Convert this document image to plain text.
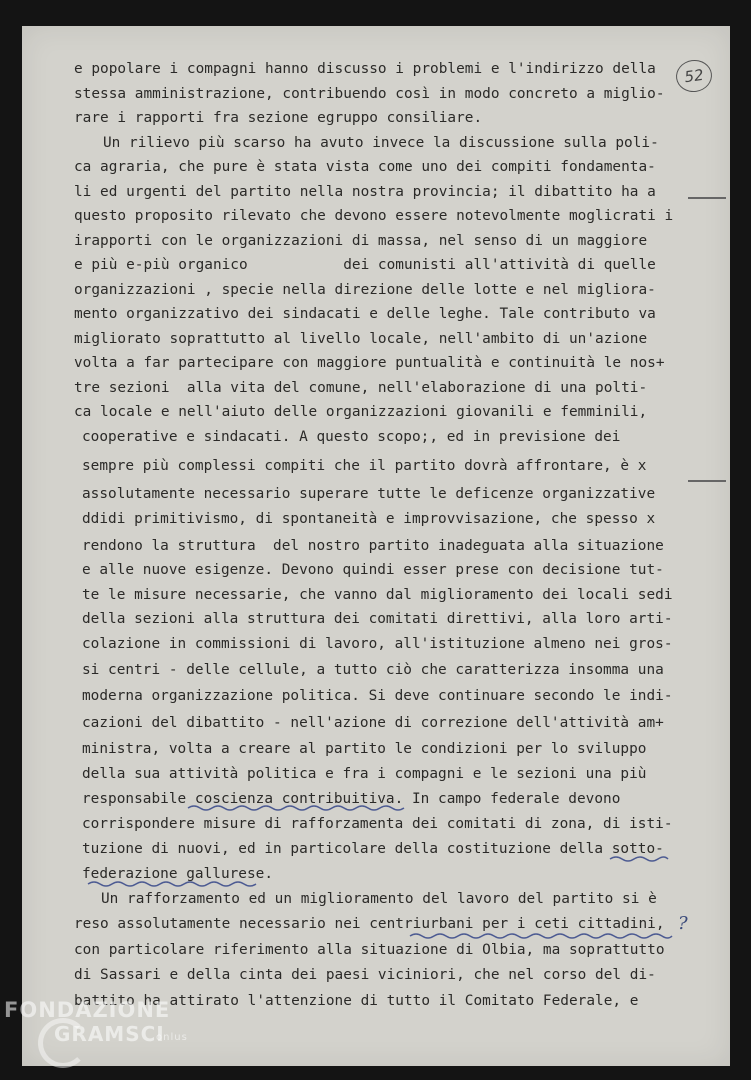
52
e popolare i compagni hanno discusso i problemi e l'indirizzo della
stessa amministrazione, contribuendo così in modo concreto a miglio-
rare i rapporti fra sezione egruppo consiliare.
Un rilievo più scarso ha avuto invece la discussione sulla poli-
ca agraria, che pure è stata vista come uno dei compiti fondamenta-
li ed urgenti del partito nella nostra provincia; il dibattito ha a
questo proposito rilevato che devono essere notevolmente moglicrati i
irapporti con le organizzazioni di massa, nel senso di un maggiore
e più e-più organico           dei comunisti all'attività di quelle
organizzazioni , specie nella direzione delle lotte e nel migliora-
mento organizzativo dei sindacati e delle leghe. Tale contributo va
migliorato soprattutto al livello locale, nell'ambito di un'azione
volta a far partecipare con maggiore puntualità e continuità le nos+
tre sezioni  alla vita del comune, nell'elaborazione di una polti-
ca locale e nell'aiuto delle organizzazioni giovanili e femminili,
cooperative e sindacati. A questo scopo;, ed in previsione dei
sempre più complessi compiti che il partito dovrà affrontare, è x
assolutamente necessario superare tutte le deficenze organizzative
ddidi primitivismo, di spontaneità e improvvisazione, che spesso x
rendono la struttura  del nostro partito inadeguata alla situazione
e alle nuove esigenze. Devono quindi esser prese con decisione tut-
te le misure necessarie, che vanno dal miglioramento dei locali sedi
della sezioni alla struttura dei comitati direttivi, alla loro arti-
colazione in commissioni di lavoro, all'istituzione almeno nei gros-
si centri - delle cellule, a tutto ciò che caratterizza insomma una
moderna organizzazione politica. Si deve continuare secondo le indi-
cazioni del dibattito - nell'azione di correzione dell'attività am+
ministra, volta a creare al partito le condizioni per lo sviluppo
della sua attività politica e fra i compagni e le sezioni una più
responsabile coscienza contribuitiva. In campo federale devono
corrispondere misure di rafforzamenta dei comitati di zona, di isti-
tuzione di nuovi, ed in particolare della costituzione della sotto-
federazione gallurese.
Un rafforzamento ed un miglioramento del lavoro del partito si è
reso assolutamente necessario nei centriurbani per i ceti cittadini,
con particolare riferimento alla situazione di Olbia, ma soprattutto
di Sassari e della cinta dei paesi viciniori, che nel corso del di-
battito ha attirato l'attenzione di tutto il Comitato Federale, e
?
FONDAZIONE
GRAMSCI
onlus
